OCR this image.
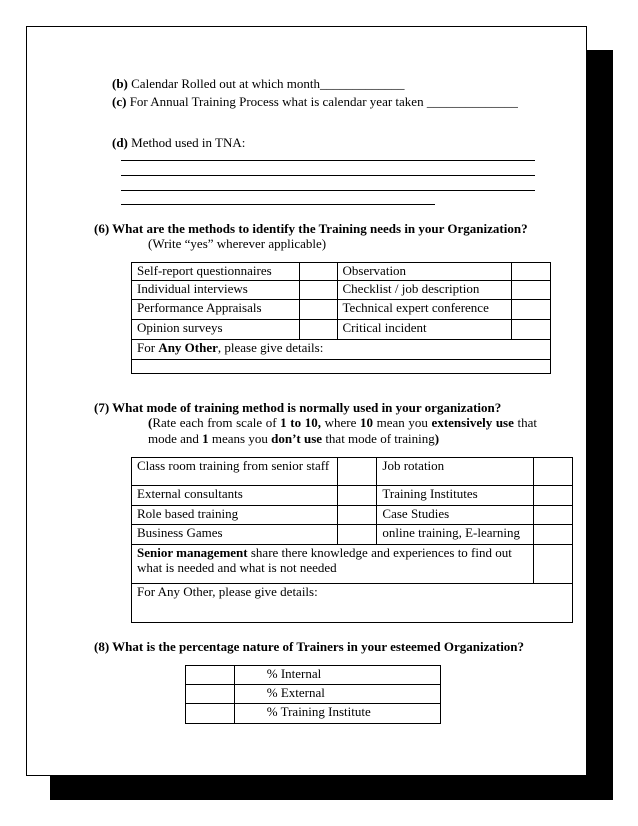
(b) Calendar Rolled out at which month_____________
(c) For Annual Training Process what is calendar year taken ______________
(d) Method used in TNA:
(6) What are the methods to identify the Training needs in your Organization?
(Write “yes” wherever applicable)
Self-report questionnaires		Observation	
Individual interviews		Checklist / job description	
Performance Appraisals		Technical expert conference	
Opinion surveys		Critical incident	
For Any Other, please give details:			

(7) What mode of training method is normally used in your organization?
(Rate each from scale of 1 to 10, where 10 mean you extensively use that mode and 1 means you don’t use that mode of training)
Class room training from senior staff		Job rotation	
External consultants		Training Institutes	
Role based training		Case Studies	
Business Games		online training, E-learning	
Senior management share there knowledge and experiences to find out what is needed and what is not needed			
For Any Other, please give details:			
(8) What is the percentage nature of Trainers in your esteemed Organization?
	% Internal
	% External
	% Training Institute
